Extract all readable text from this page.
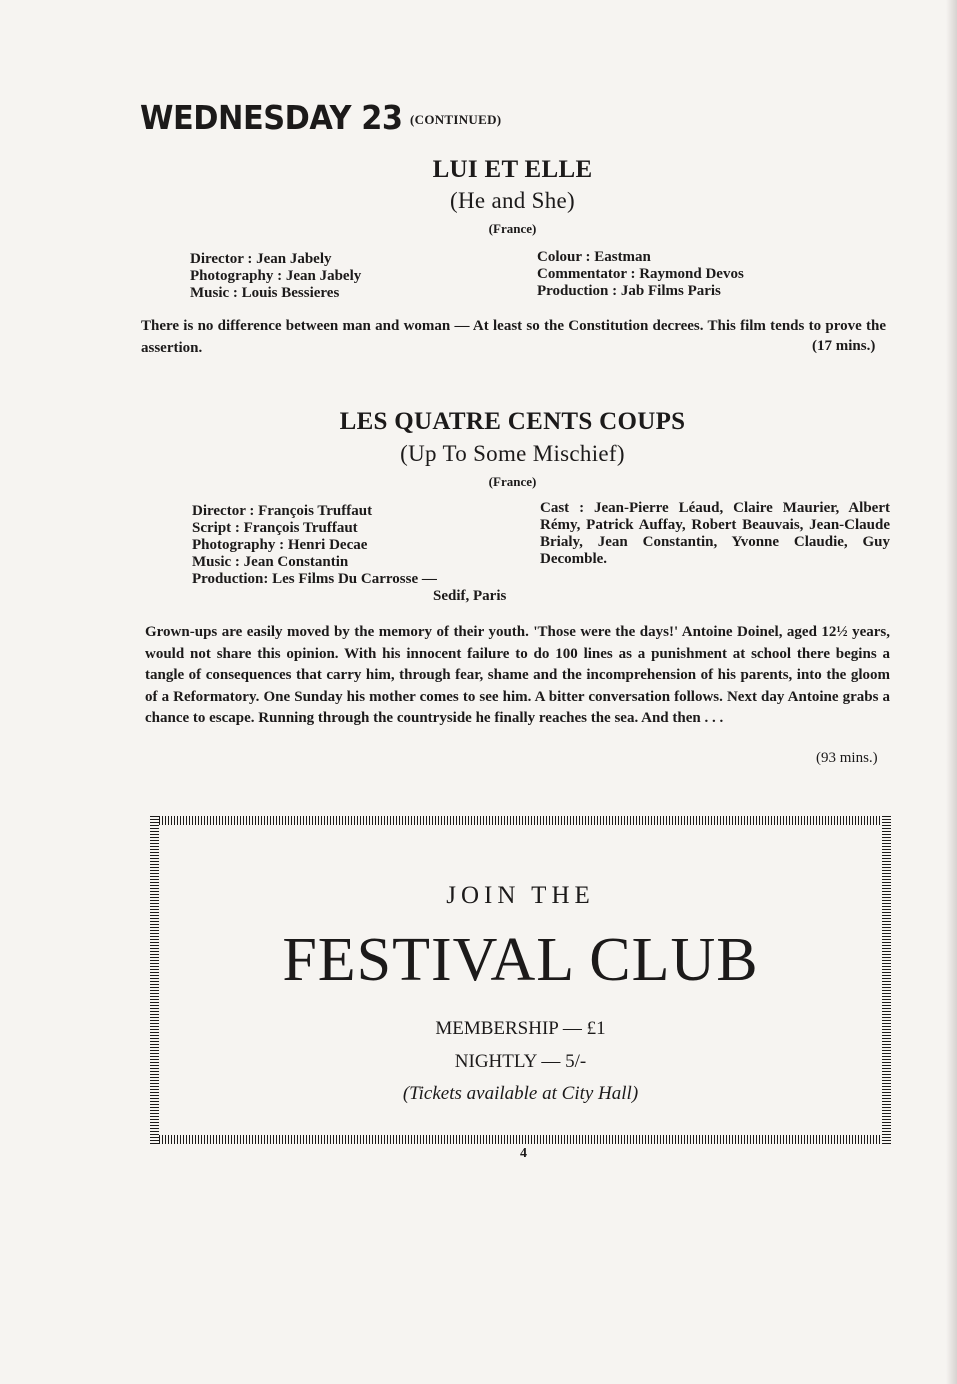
WEDNESDAY 23 (CONTINUED)
LUI ET ELLE
(He and She)
(France)
Director : Jean Jabely
Photography : Jean Jabely
Music : Louis Bessieres
Colour : Eastman
Commentator : Raymond Devos
Production : Jab Films Paris
There is no difference between man and woman — At least so the Constitution decrees. This film tends to prove the assertion.	(17 mins.)
LES QUATRE CENTS COUPS
(Up To Some Mischief)
(France)
Director : François Truffaut
Script : François Truffaut
Photography : Henri Decae
Music : Jean Constantin
Production: Les Films Du Carrosse —
Sedif, Paris
Cast : Jean-Pierre Léaud, Claire Maurier, Albert Rémy, Patrick Auffay, Robert Beauvais, Jean-Claude Brialy, Jean Constantin, Yvonne Claudie, Guy Decomble.
Grown-ups are easily moved by the memory of their youth. 'Those were the days!' Antoine Doinel, aged 12½ years, would not share this opinion. With his innocent failure to do 100 lines as a punishment at school there begins a tangle of consequences that carry him, through fear, shame and the incomprehension of his parents, into the gloom of a Reformatory. One Sunday his mother comes to see him. A bitter conversation follows. Next day Antoine grabs a chance to escape. Running through the countryside he finally reaches the sea. And then . . .
(93 mins.)
JOIN THE
FESTIVAL CLUB
MEMBERSHIP — £1
NIGHTLY — 5/-
(Tickets available at City Hall)
4
